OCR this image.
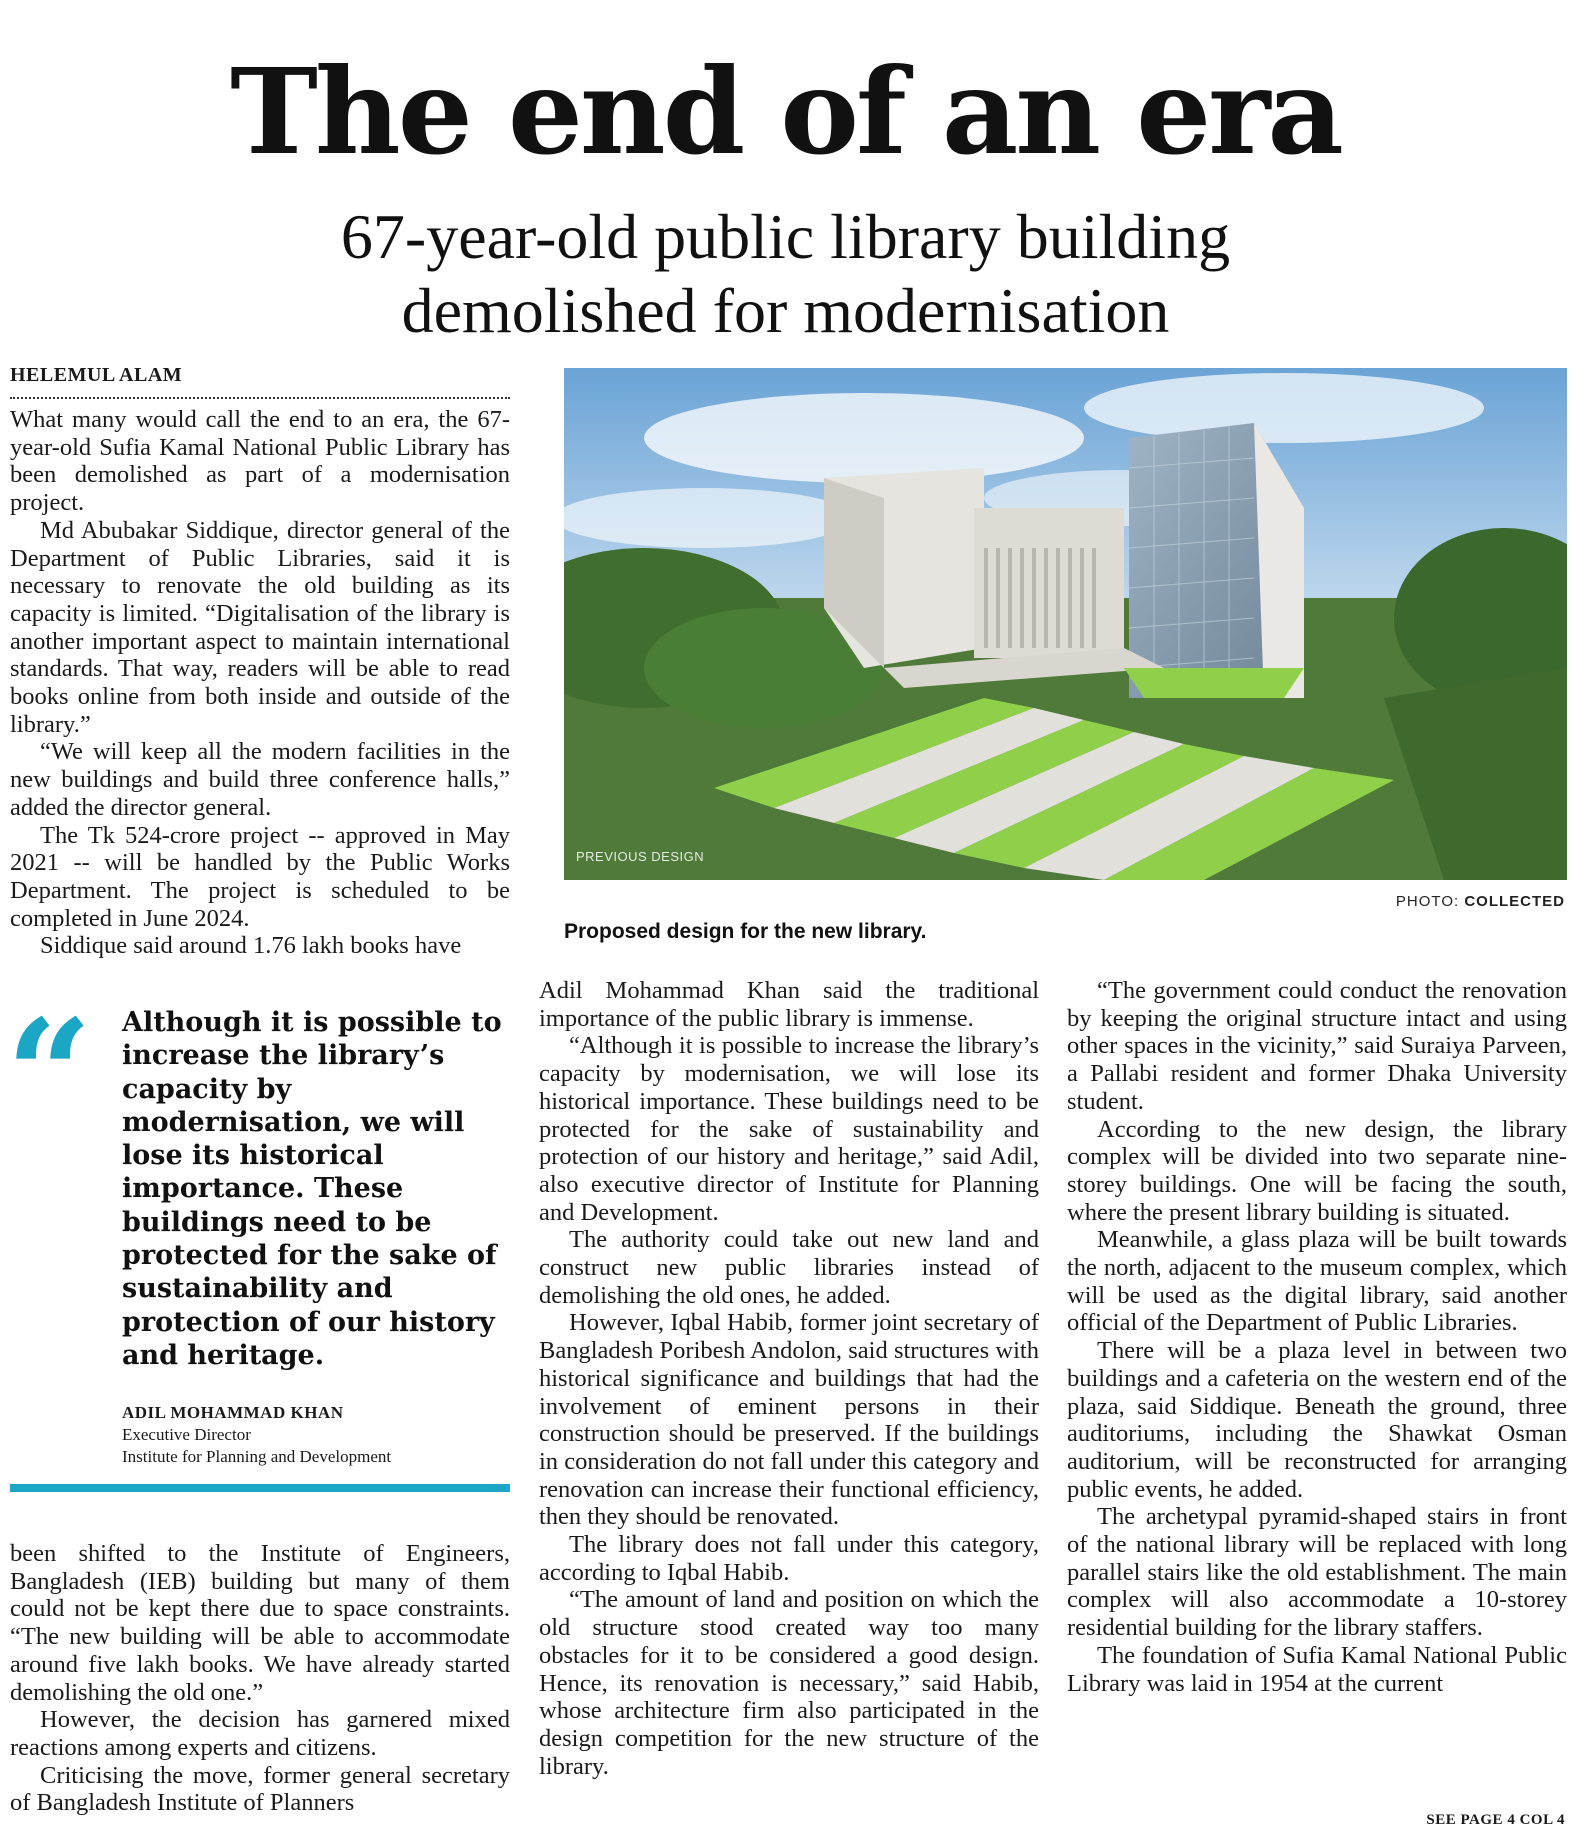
The end of an era
67-year-old public library building
demolished for modernisation
HELEMUL ALAM

What many would call the end to an era, the 67-year-old Sufia Kamal National Public Library has been demolished as part of a modernisation project.

Md Abubakar Siddique, director general of the Department of Public Libraries, said it is necessary to renovate the old building as its capacity is limited. “Digitalisation of the library is another important aspect to maintain international standards. That way, readers will be able to read books online from both inside and outside of the library.”

“We will keep all the modern facilities in the new buildings and build three conference halls,” added the director general.

The Tk 524-crore project -- approved in May 2021 -- will be handled by the Public Works Department. The project is scheduled to be completed in June 2024.

Siddique said around 1.76 lakh books have

PREVIOUS DESIGN
PHOTO: COLLECTED
Proposed design for the new library.
“ Although it is possible to increase the library’s capacity by modernisation, we will lose its historical importance. These buildings need to be protected for the sake of sustainability and protection of our history and heritage.
ADIL MOHAMMAD KHAN
Executive Director
Institute for Planning and Development

been shifted to the Institute of Engineers, Bangladesh (IEB) building but many of them could not be kept there due to space constraints. “The new building will be able to accommodate around five lakh books. We have already started demolishing the old one.”

However, the decision has garnered mixed reactions among experts and citizens.

Criticising the move, former general secretary of Bangladesh Institute of Planners

Adil Mohammad Khan said the traditional importance of the public library is immense.

“Although it is possible to increase the library’s capacity by modernisation, we will lose its historical importance. These buildings need to be protected for the sake of sustainability and protection of our history and heritage,” said Adil, also executive director of Institute for Planning and Development.

The authority could take out new land and construct new public libraries instead of demolishing the old ones, he added.

However, Iqbal Habib, former joint secretary of Bangladesh Poribesh Andolon, said structures with historical significance and buildings that had the involvement of eminent persons in their construction should be preserved. If the buildings in consideration do not fall under this category and renovation can increase their functional efficiency, then they should be renovated.

The library does not fall under this category, according to Iqbal Habib.

“The amount of land and position on which the old structure stood created way too many obstacles for it to be considered a good design. Hence, its renovation is necessary,” said Habib, whose architecture firm also participated in the design competition for the new structure of the library.

“The government could conduct the renovation by keeping the original structure intact and using other spaces in the vicinity,” said Suraiya Parveen, a Pallabi resident and former Dhaka University student.

According to the new design, the library complex will be divided into two separate nine-storey buildings. One will be facing the south, where the present library building is situated.

Meanwhile, a glass plaza will be built towards the north, adjacent to the museum complex, which will be used as the digital library, said another official of the Department of Public Libraries.

There will be a plaza level in between two buildings and a cafeteria on the western end of the plaza, said Siddique. Beneath the ground, three auditoriums, including the Shawkat Osman auditorium, will be reconstructed for arranging public events, he added.

The archetypal pyramid-shaped stairs in front of the national library will be replaced with long parallel stairs like the old establishment. The main complex will also accommodate a 10-storey residential building for the library staffers.

The foundation of Sufia Kamal National Public Library was laid in 1954 at the current

SEE PAGE 4 COL 4
